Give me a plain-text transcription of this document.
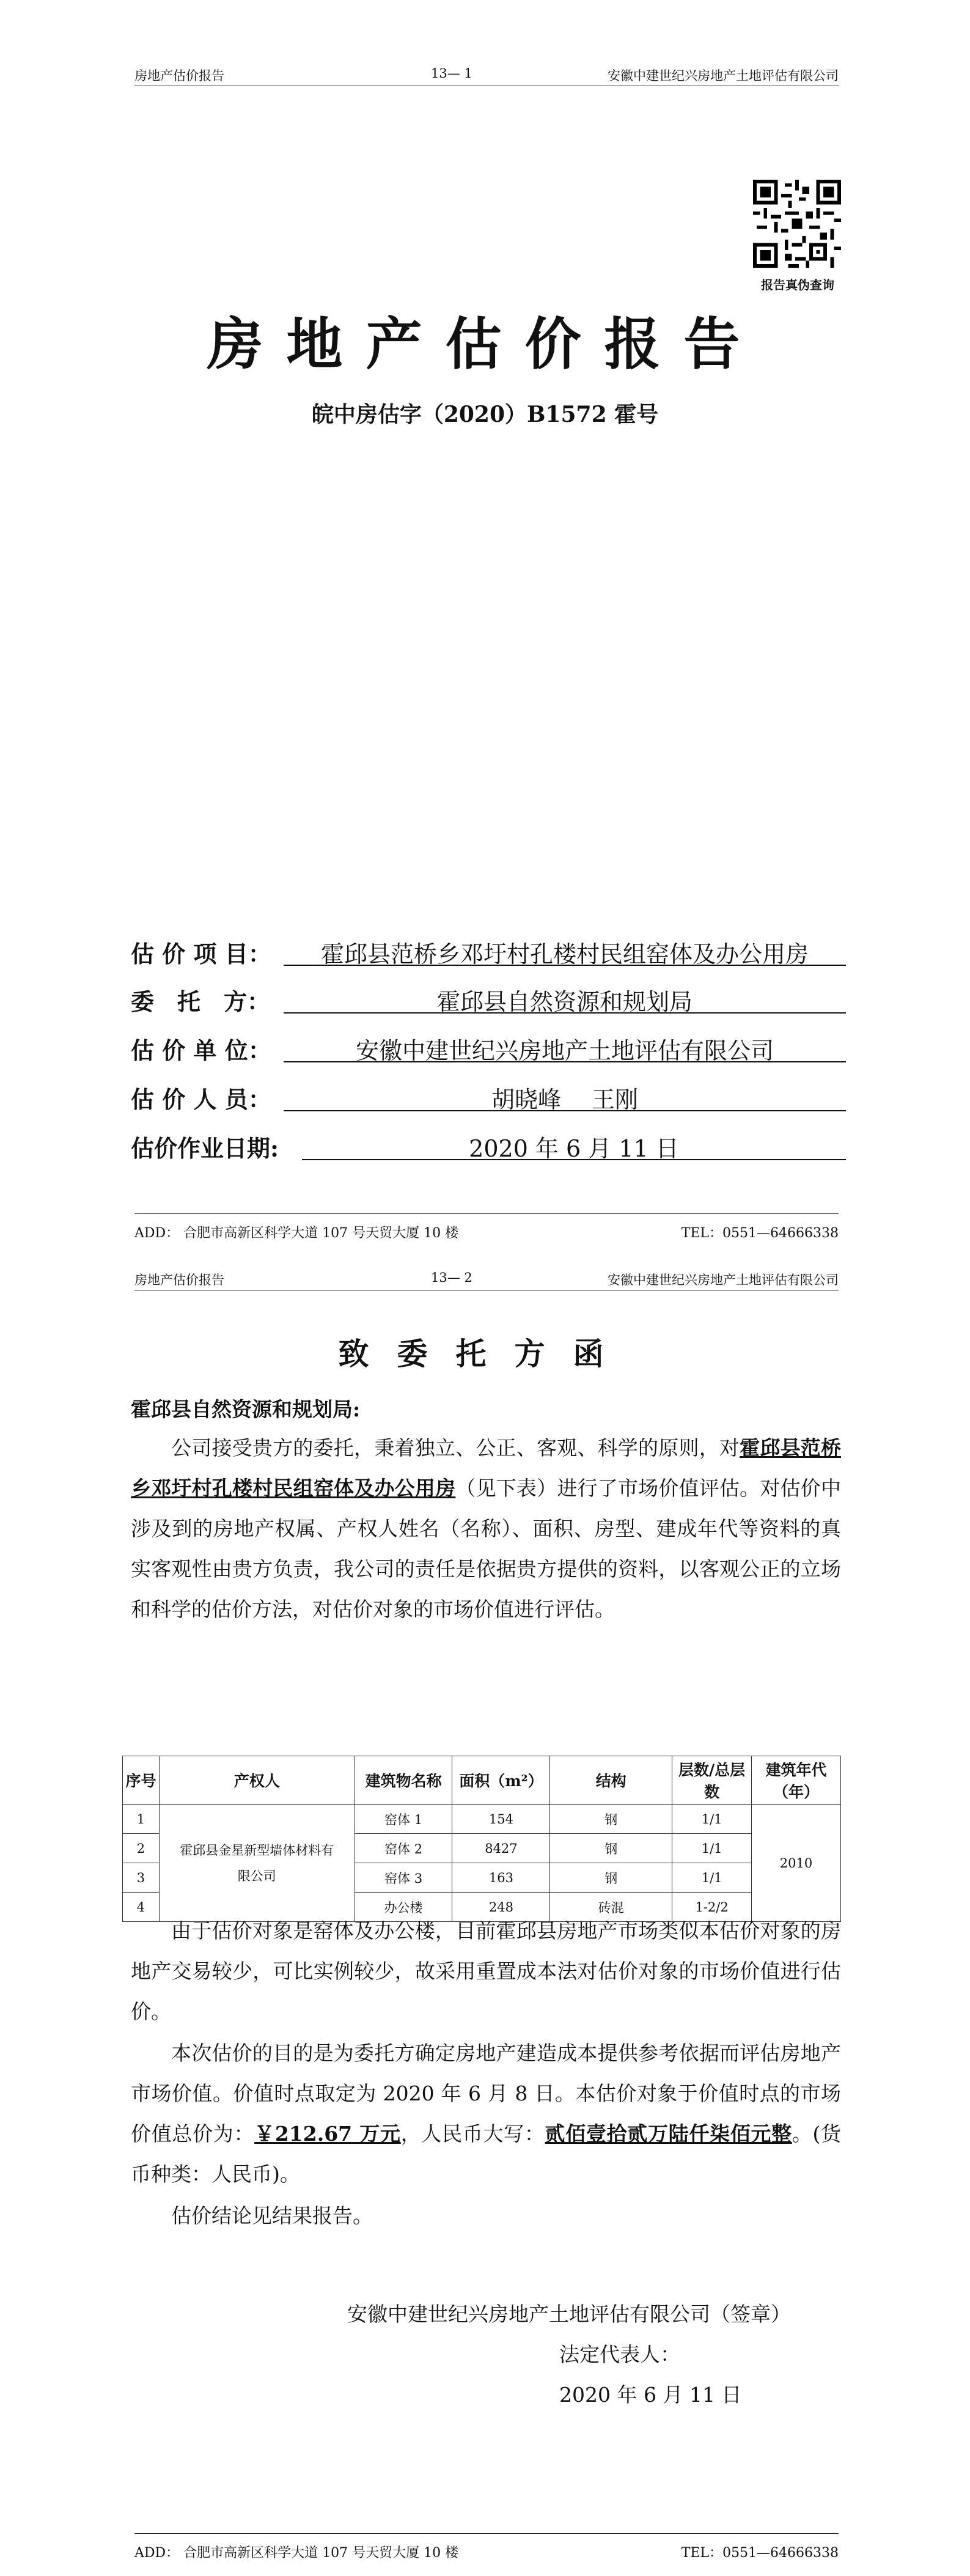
房地产估价报告	13— 1	安徽中建世纪兴房地产土地评估有限公司
报告真伪查询
房地产估价报告
皖中房估字（2020）B1572 霍号
估 价 项 目：	霍邱县范桥乡邓圩村孔楼村民组窑体及办公用房
委　托　方：	霍邱县自然资源和规划局
估 价 单 位：	安徽中建世纪兴房地产土地评估有限公司
估 价 人 员：	胡晓峰　 王刚
估价作业日期:	2020 年 6 月 11 日
ADD： 合肥市高新区科学大道 107 号天贸大厦 10 楼	TEL：0551—64666338
房地产估价报告	13— 2	安徽中建世纪兴房地产土地评估有限公司
致委托方函
霍邱县自然资源和规划局:
公司接受贵方的委托，秉着独立、公正、客观、科学的原则，对霍邱县范桥乡邓圩村孔楼村民组窑体及办公用房（见下表）进行了市场价值评估。对估价中涉及到的房地产权属、产权人姓名（名称）、面积、房型、建成年代等资料的真实客观性由贵方负责，我公司的责任是依据贵方提供的资料，以客观公正的立场和科学的估价方法，对估价对象的市场价值进行评估。
序号	产权人	建筑物名称	面积（m²）	结构	层数/总层数	建筑年代（年）
1	霍邱县金星新型墙体材料有限公司	窑体 1	154	钢	1/1	2010
2		窑体 2	8427	钢	1/1	
3		窑体 3	163	钢	1/1	
4		办公楼	248	砖混	1-2/2	
由于估价对象是窑体及办公楼，目前霍邱县房地产市场类似本估价对象的房地产交易较少，可比实例较少，故采用重置成本法对估价对象的市场价值进行估价。
本次估价的目的是为委托方确定房地产建造成本提供参考依据而评估房地产市场价值。价值时点取定为 2020 年 6 月 8 日。本估价对象于价值时点的市场价值总价为：￥212.67 万元，人民币大写：贰佰壹拾贰万陆仟柒佰元整。(货币种类：人民币)。
估价结论见结果报告。
安徽中建世纪兴房地产土地评估有限公司（签章）
法定代表人：
2020 年 6 月 11 日
ADD： 合肥市高新区科学大道 107 号天贸大厦 10 楼	TEL：0551—64666338
